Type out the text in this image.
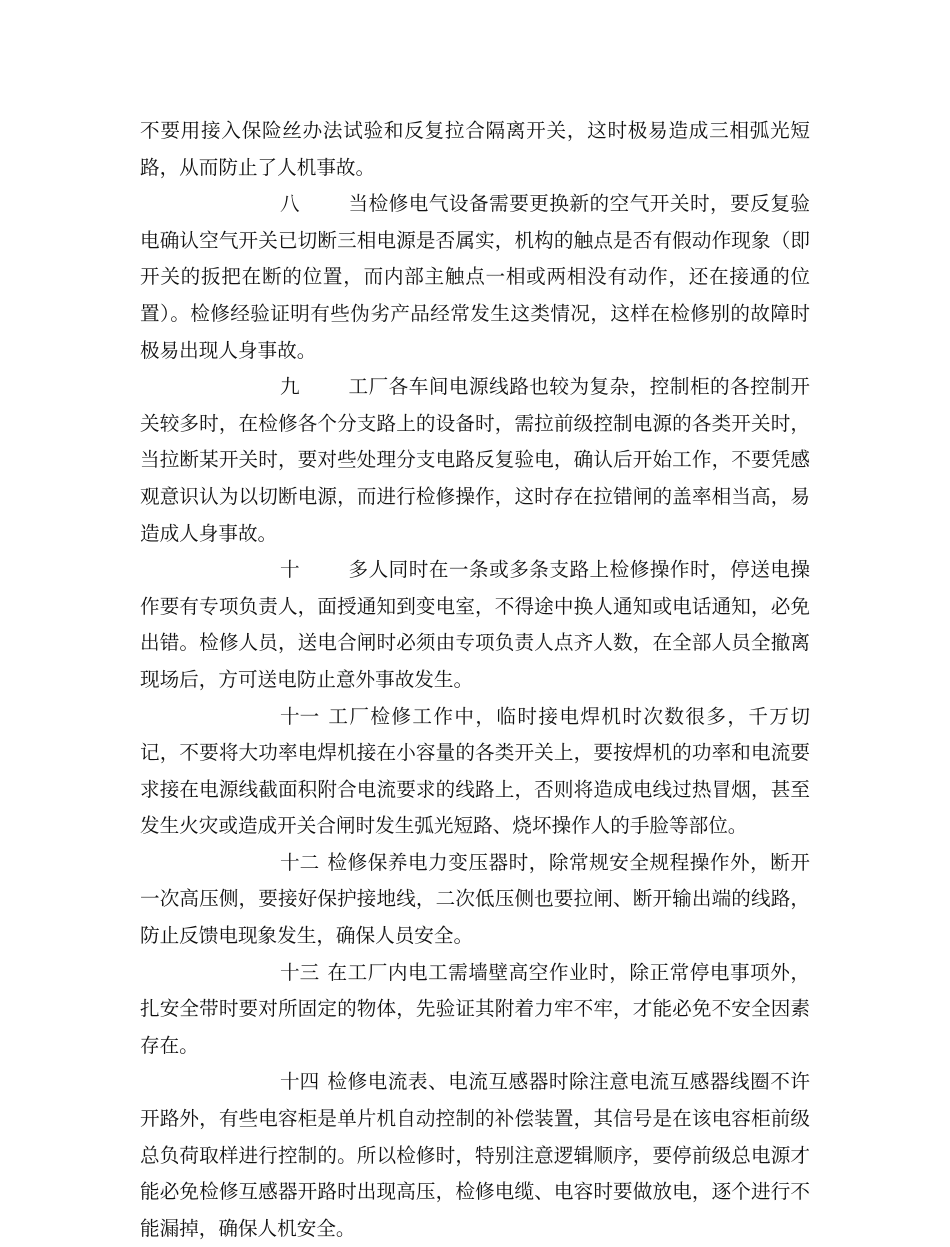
不要用接入保险丝办法试验和反复拉合隔离开关，这时极易造成三相弧光短路，从而防止了人机事故。

八 当检修电气设备需要更换新的空气开关时，要反复验电确认空气开关已切断三相电源是否属实，机构的触点是否有假动作现象（即开关的扳把在断的位置，而内部主触点一相或两相没有动作，还在接通的位置）。检修经验证明有些伪劣产品经常发生这类情况，这样在检修别的故障时极易出现人身事故。

九 工厂各车间电源线路也较为复杂，控制柜的各控制开关较多时，在检修各个分支路上的设备时，需拉前级控制电源的各类开关时，当拉断某开关时，要对些处理分支电路反复验电，确认后开始工作，不要凭感观意识认为以切断电源，而进行检修操作，这时存在拉错闸的盖率相当高，易造成人身事故。

十 多人同时在一条或多条支路上检修操作时，停送电操作要有专项负责人，面授通知到变电室，不得途中换人通知或电话通知，必免出错。检修人员，送电合闸时必须由专项负责人点齐人数，在全部人员全撤离现场后，方可送电防止意外事故发生。

十一 工厂检修工作中，临时接电焊机时次数很多，千万切记，不要将大功率电焊机接在小容量的各类开关上，要按焊机的功率和电流要求接在电源线截面积附合电流要求的线路上，否则将造成电线过热冒烟，甚至发生火灾或造成开关合闸时发生弧光短路、烧坏操作人的手脸等部位。

十二 检修保养电力变压器时，除常规安全规程操作外，断开一次高压侧，要接好保护接地线，二次低压侧也要拉闸、断开输出端的线路，防止反馈电现象发生，确保人员安全。

十三 在工厂内电工需墙壁高空作业时，除正常停电事项外，扎安全带时要对所固定的物体，先验证其附着力牢不牢，才能必免不安全因素存在。

十四 检修电流表、电流互感器时除注意电流互感器线圈不许开路外，有些电容柜是单片机自动控制的补偿装置，其信号是在该电容柜前级总负荷取样进行控制的。所以检修时，特别注意逻辑顺序，要停前级总电源才能必免检修互感器开路时出现高压，检修电缆、电容时要做放电，逐个进行不能漏掉，确保人机安全。
